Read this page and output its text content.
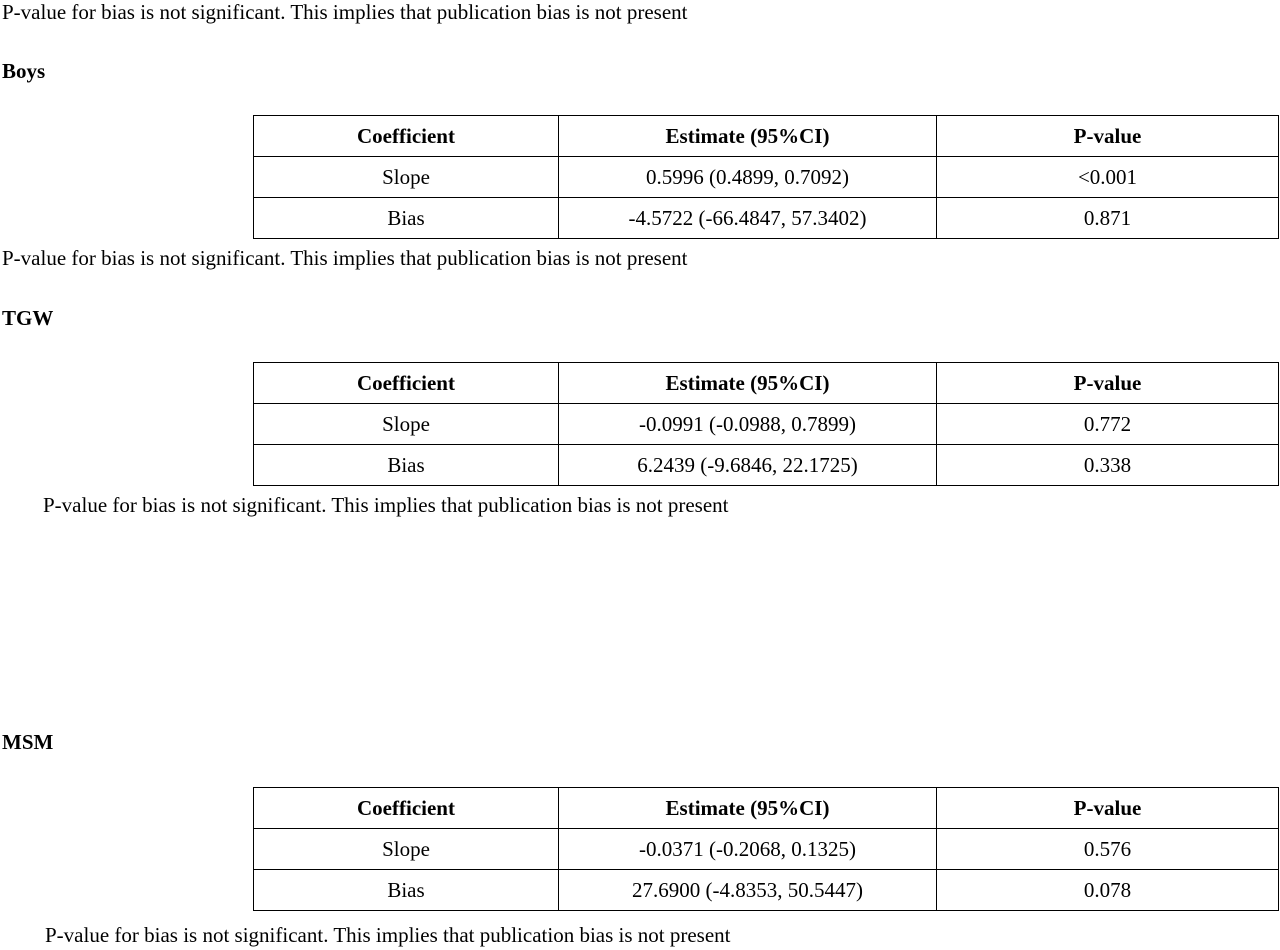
P-value for bias is not significant. This implies that publication bias is not present
Boys
Coefficient	Estimate (95%CI)	P-value
Slope	0.5996 (0.4899, 0.7092)	<0.001
Bias	-4.5722 (-66.4847, 57.3402)	0.871
P-value for bias is not significant. This implies that publication bias is not present
TGW
Coefficient	Estimate (95%CI)	P-value
Slope	-0.0991 (-0.0988, 0.7899)	0.772
Bias	6.2439 (-9.6846, 22.1725)	0.338
P-value for bias is not significant. This implies that publication bias is not present
MSM
Coefficient	Estimate (95%CI)	P-value
Slope	-0.0371 (-0.2068, 0.1325)	0.576
Bias	27.6900 (-4.8353, 50.5447)	0.078
P-value for bias is not significant. This implies that publication bias is not present
